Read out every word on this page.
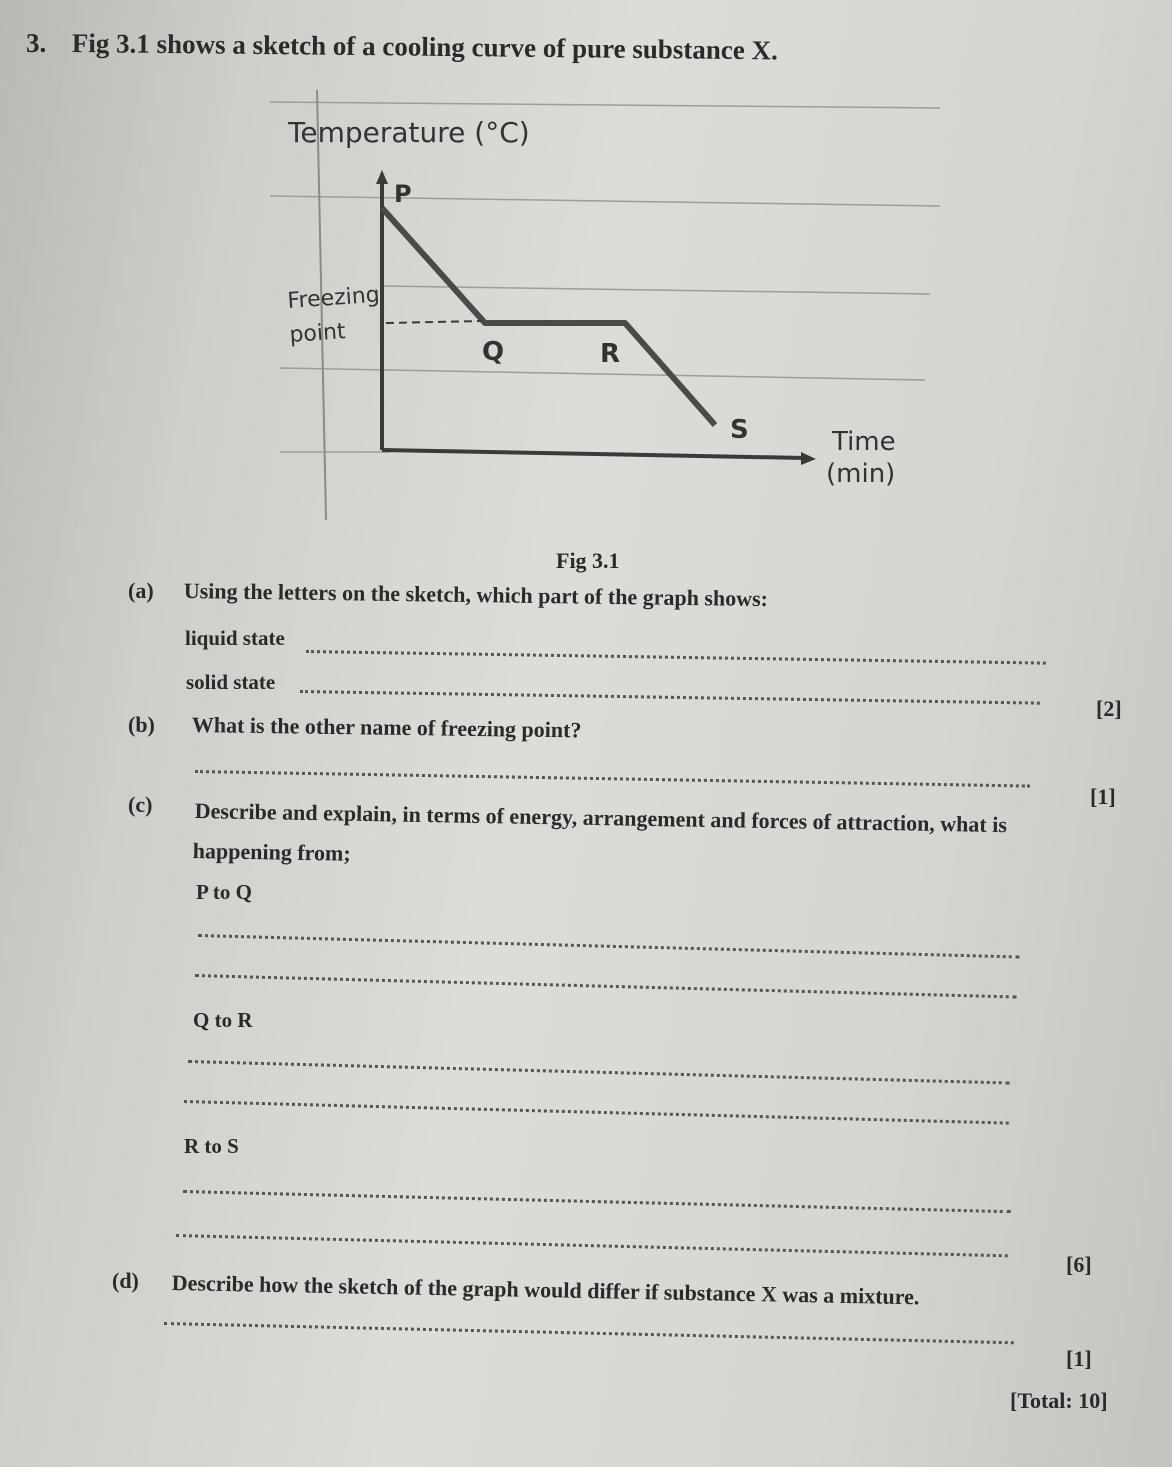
3. Fig 3.1 shows a sketch of a cooling curve of pure substance X.
Temperature (°C)
P
Freezing
point
Q	R
S	Time
(min)
Fig 3.1
(a) Using the letters on the sketch, which part of the graph shows:
liquid state
solid state
[2]
(b) What is the other name of freezing point?
[1]
(c) Describe and explain, in terms of energy, arrangement and forces of attraction, what is
happening from;
P to Q
Q to R
R to S
[6]
(d) Describe how the sketch of the graph would differ if substance X was a mixture.
[1]
[Total: 10]
